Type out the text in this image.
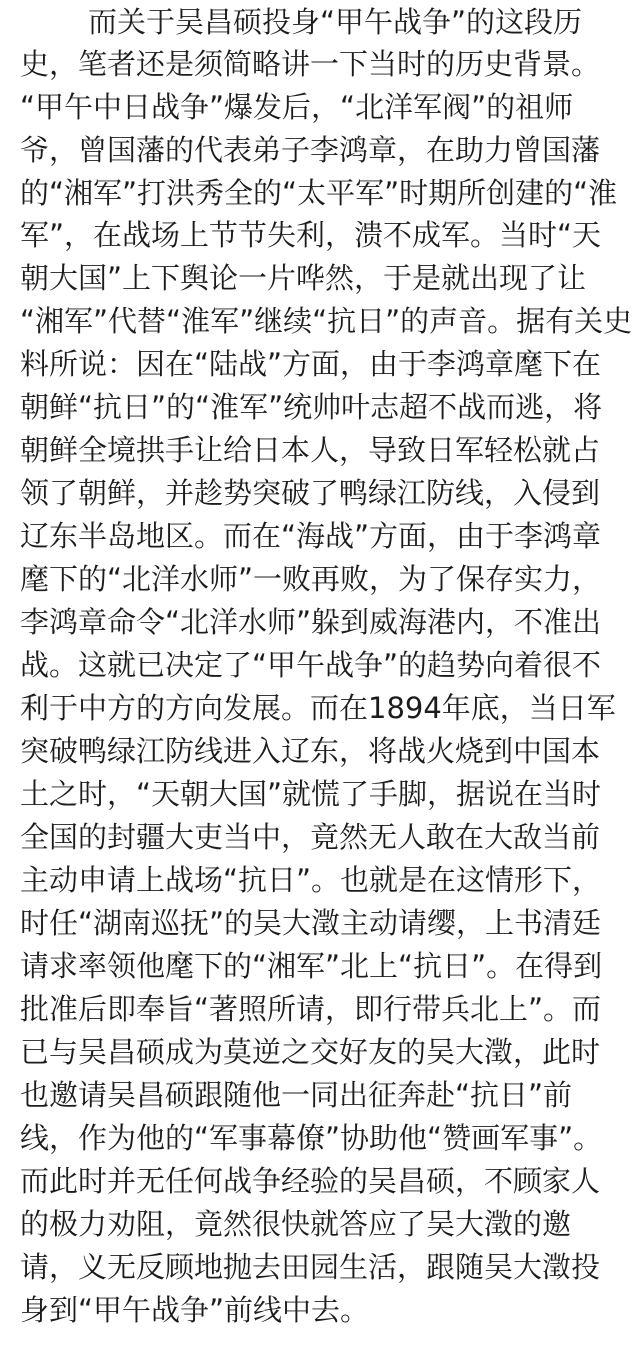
而关于吴昌硕投身“甲午战争”的这段历
史，笔者还是须简略讲一下当时的历史背景。
“甲午中日战争”爆发后，“北洋军阀”的祖师
爷，曾国藩的代表弟子李鸿章，在助力曾国藩
的“湘军”打洪秀全的“太平军”时期所创建的“淮
军”，在战场上节节失利，溃不成军。当时“天
朝大国”上下舆论一片哗然，于是就出现了让
“湘军”代替“淮军”继续“抗日”的声音。据有关史
料所说：因在“陆战”方面，由于李鸿章麾下在
朝鲜“抗日”的“淮军”统帅叶志超不战而逃，将
朝鲜全境拱手让给日本人，导致日军轻松就占
领了朝鲜，并趁势突破了鸭绿江防线，入侵到
辽东半岛地区。而在“海战”方面，由于李鸿章
麾下的“北洋水师”一败再败，为了保存实力，
李鸿章命令“北洋水师”躲到威海港内，不准出
战。这就已决定了“甲午战争”的趋势向着很不
利于中方的方向发展。而在1894年底，当日军
突破鸭绿江防线进入辽东，将战火烧到中国本
土之时，“天朝大国”就慌了手脚，据说在当时
全国的封疆大吏当中，竟然无人敢在大敌当前
主动申请上战场“抗日”。也就是在这情形下，
时任“湖南巡抚”的吴大澂主动请缨，上书清廷
请求率领他麾下的“湘军”北上“抗日”。在得到
批准后即奉旨“著照所请，即行带兵北上”。而
已与吴昌硕成为莫逆之交好友的吴大澂，此时
也邀请吴昌硕跟随他一同出征奔赴“抗日”前
线，作为他的“军事幕僚”协助他“赞画军事”。
而此时并无任何战争经验的吴昌硕，不顾家人
的极力劝阻，竟然很快就答应了吴大澂的邀
请，义无反顾地抛去田园生活，跟随吴大澂投
身到“甲午战争”前线中去。
